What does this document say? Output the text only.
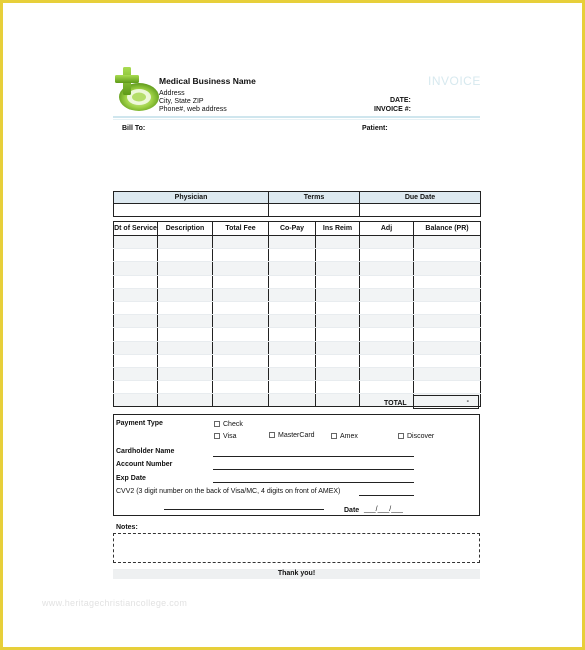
Medical Business Name
Address
City, State ZIP
Phone#, web address
INVOICE
DATE:
INVOICE #:
Bill To:	Patient:
Physician	Terms	Due Date

Dt of Service	Description	Total Fee	Co-Pay	Ins Reim	Adj	Balance (PR)

TOTAL	-
Payment Type	Check
Visa	MasterCard	Amex	Discover
Cardholder Name
Account Number
Exp Date
CVV2 (3 digit number on the back of Visa/MC, 4 digits on front of AMEX)
Date ___/___/___
Notes:
Thank you!
www.heritagechristiancollege.com
